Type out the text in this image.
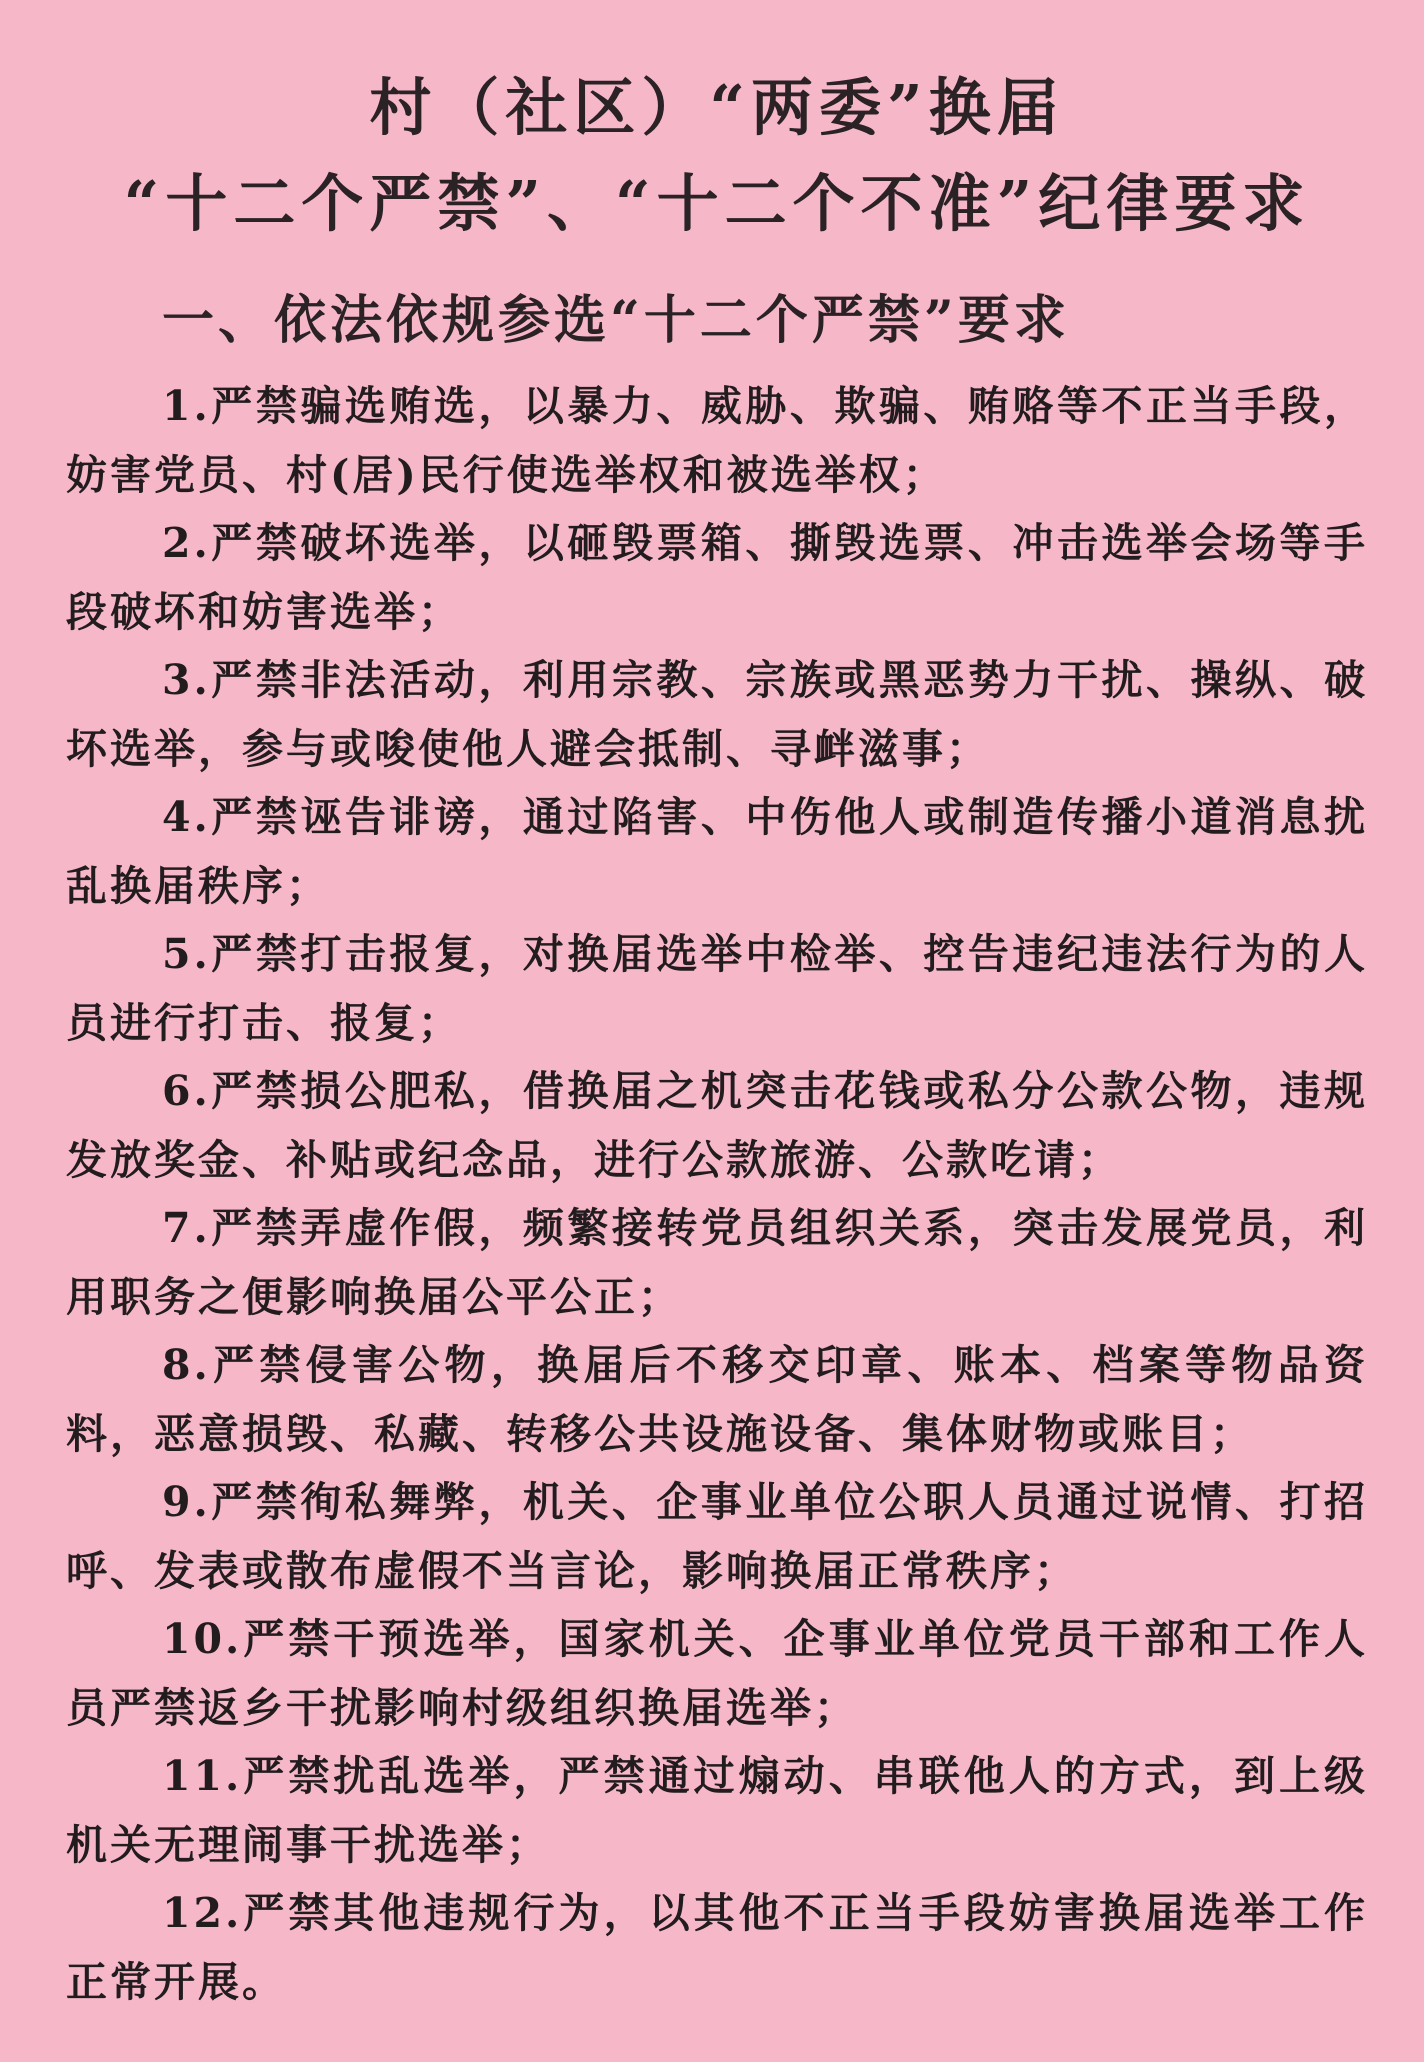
村（社区）“两委”换届
“十二个严禁”、“十二个不准”纪律要求
一、依法依规参选“十二个严禁”要求

1.严禁骗选贿选，以暴力、威胁、欺骗、贿赂等不正当手段，妨害党员、村(居)民行使选举权和被选举权；

2.严禁破坏选举，以砸毁票箱、撕毁选票、冲击选举会场等手段破坏和妨害选举；

3.严禁非法活动，利用宗教、宗族或黑恶势力干扰、操纵、破坏选举，参与或唆使他人避会抵制、寻衅滋事；

4.严禁诬告诽谤，通过陷害、中伤他人或制造传播小道消息扰乱换届秩序；

5.严禁打击报复，对换届选举中检举、控告违纪违法行为的人员进行打击、报复；

6.严禁损公肥私，借换届之机突击花钱或私分公款公物，违规发放奖金、补贴或纪念品，进行公款旅游、公款吃请；

7.严禁弄虚作假，频繁接转党员组织关系，突击发展党员，利用职务之便影响换届公平公正；

8.严禁侵害公物，换届后不移交印章、账本、档案等物品资料，恶意损毁、私藏、转移公共设施设备、集体财物或账目；

9.严禁徇私舞弊，机关、企事业单位公职人员通过说情、打招呼、发表或散布虚假不当言论，影响换届正常秩序；

10.严禁干预选举，国家机关、企事业单位党员干部和工作人员严禁返乡干扰影响村级组织换届选举；

11.严禁扰乱选举，严禁通过煽动、串联他人的方式，到上级机关无理闹事干扰选举；

12.严禁其他违规行为，以其他不正当手段妨害换届选举工作正常开展。
